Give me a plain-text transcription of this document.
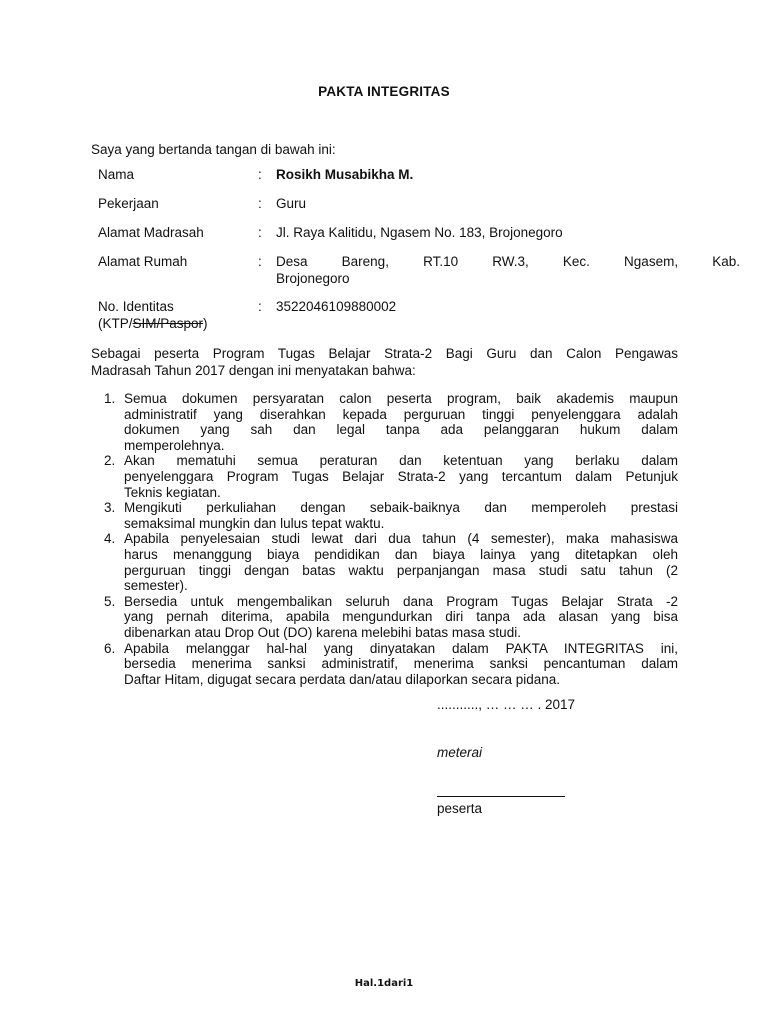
PAKTA INTEGRITAS
Saya yang bertanda tangan di bawah ini:
Nama	: Rosikh Musabikha M.
Pekerjaan	: Guru
Alamat Madrasah	: Jl. Raya Kalitidu, Ngasem No. 183, Brojonegoro
Alamat Rumah	: Desa Bareng, RT.10 RW.3, Kec. Ngasem, Kab.
Brojonegoro
No. Identitas
(KTP/SIM/Paspor)
: 3522046109880002
Sebagai peserta Program Tugas Belajar Strata-2 Bagi Guru dan Calon Pengawas
Madrasah Tahun 2017 dengan ini menyatakan bahwa:
1. Semua dokumen persyaratan calon peserta program, baik akademis maupun
administratif yang diserahkan kepada perguruan tinggi penyelenggara adalah
dokumen yang sah dan legal tanpa ada pelanggaran hukum dalam
memperolehnya.
2. Akan mematuhi semua peraturan dan ketentuan yang berlaku dalam
penyelenggara Program Tugas Belajar Strata-2 yang tercantum dalam Petunjuk
Teknis kegiatan.
3. Mengikuti perkuliahan dengan sebaik-baiknya dan memperoleh prestasi
semaksimal mungkin dan lulus tepat waktu.
4. Apabila penyelesaian studi lewat dari dua tahun (4 semester), maka mahasiswa
harus menanggung biaya pendidikan dan biaya lainya yang ditetapkan oleh
perguruan tinggi dengan batas waktu perpanjangan masa studi satu tahun (2
semester).
5. Bersedia untuk mengembalikan seluruh dana Program Tugas Belajar Strata -2
yang pernah diterima, apabila mengundurkan diri tanpa ada alasan yang bisa
dibenarkan atau Drop Out (DO) karena melebihi batas masa studi.
6. Apabila melanggar hal-hal yang dinyatakan dalam PAKTA INTEGRITAS ini,
bersedia menerima sanksi administratif, menerima sanksi pencantuman dalam
Daftar Hitam, digugat secara perdata dan/atau dilaporkan secara pidana.
..........., … … … . 2017
meterai
peserta
Hal.1dari1
